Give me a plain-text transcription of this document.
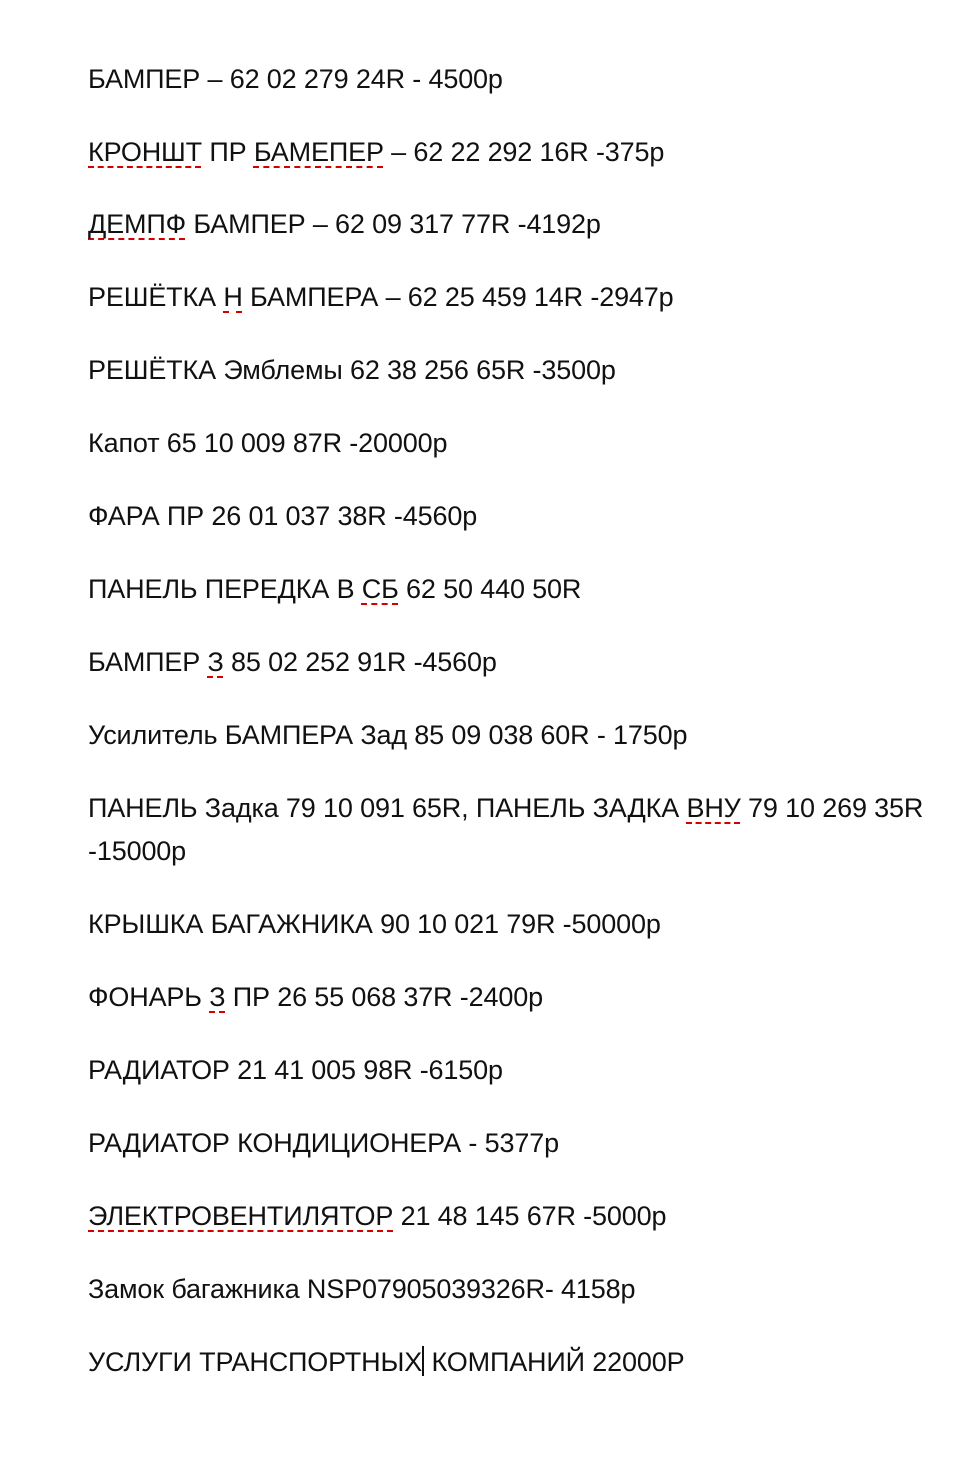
БАМПЕР – 62 02 279 24R - 4500р
КРОНШТ ПР БАМЕПЕР – 62 22 292 16R -375р
ДЕМПФ БАМПЕР – 62 09 317 77R -4192р
РЕШЁТКА Н БАМПЕРА – 62 25 459 14R -2947р
РЕШЁТКА Эмблемы 62 38 256 65R -3500р
Капот 65 10 009 87R -20000р
ФАРА ПР 26 01 037 38R -4560р
ПАНЕЛЬ ПЕРЕДКА В СБ 62 50 440 50R
БАМПЕР З 85 02 252 91R -4560р
Усилитель БАМПЕРА Зад 85 09 038 60R - 1750р
ПАНЕЛЬ Задка 79 10 091 65R, ПАНЕЛЬ ЗАДКА ВНУ 79 10 269 35R -15000р
КРЫШКА БАГАЖНИКА 90 10 021 79R -50000р
ФОНАРЬ З ПР 26 55 068 37R -2400р
РАДИАТОР 21 41 005 98R -6150р
РАДИАТОР КОНДИЦИОНЕРА - 5377р
ЭЛЕКТРОВЕНТИЛЯТОР 21 48 145 67R -5000р
Замок багажника NSP07905039326R- 4158р
УСЛУГИ ТРАНСПОРТНЫХ КОМПАНИЙ 22000Р
